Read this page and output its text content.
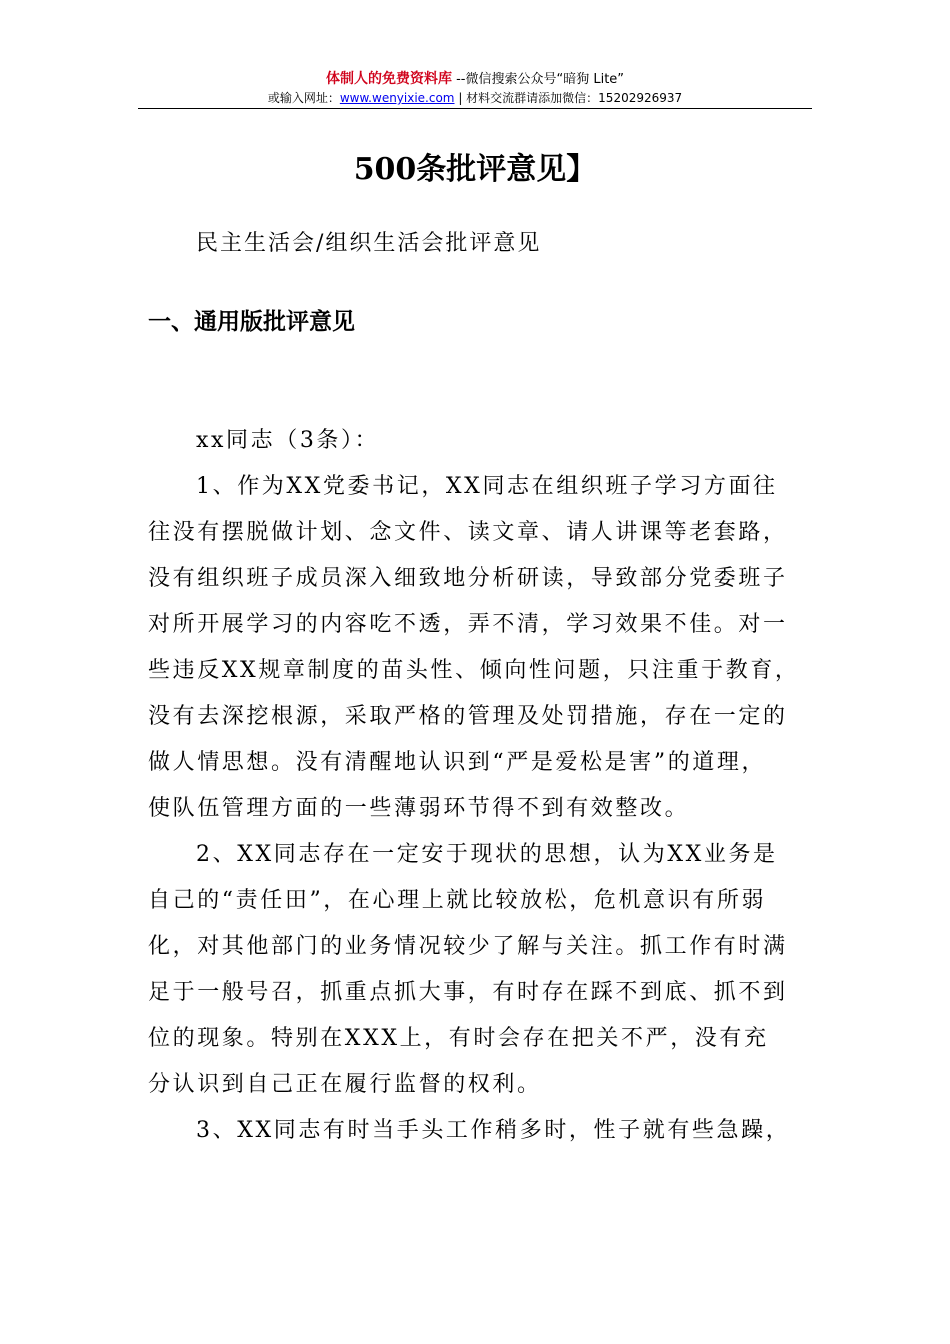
体制人的免费资料库 --微信搜索公众号“暗狗 Lite”
或输入网址：www.wenyixie.com | 材料交流群请添加微信：15202926937
500条批评意见】
民主生活会/组织生活会批评意见
一、通用版批评意见
xx同志（3条）：
1、作为XX党委书记，XX同志在组织班子学习方面往
往没有摆脱做计划、念文件、读文章、请人讲课等老套路，
没有组织班子成员深入细致地分析研读，导致部分党委班子
对所开展学习的内容吃不透，弄不清，学习效果不佳。对一
些违反XX规章制度的苗头性、倾向性问题，只注重于教育，
没有去深挖根源，采取严格的管理及处罚措施，存在一定的
做人情思想。没有清醒地认识到“严是爱松是害”的道理，
使队伍管理方面的一些薄弱环节得不到有效整改。
2、XX同志存在一定安于现状的思想，认为XX业务是
自己的“责任田”，在心理上就比较放松，危机意识有所弱
化，对其他部门的业务情况较少了解与关注。抓工作有时满
足于一般号召，抓重点抓大事，有时存在踩不到底、抓不到
位的现象。特别在XXX上，有时会存在把关不严，没有充
分认识到自己正在履行监督的权利。
3、XX同志有时当手头工作稍多时，性子就有些急躁，
